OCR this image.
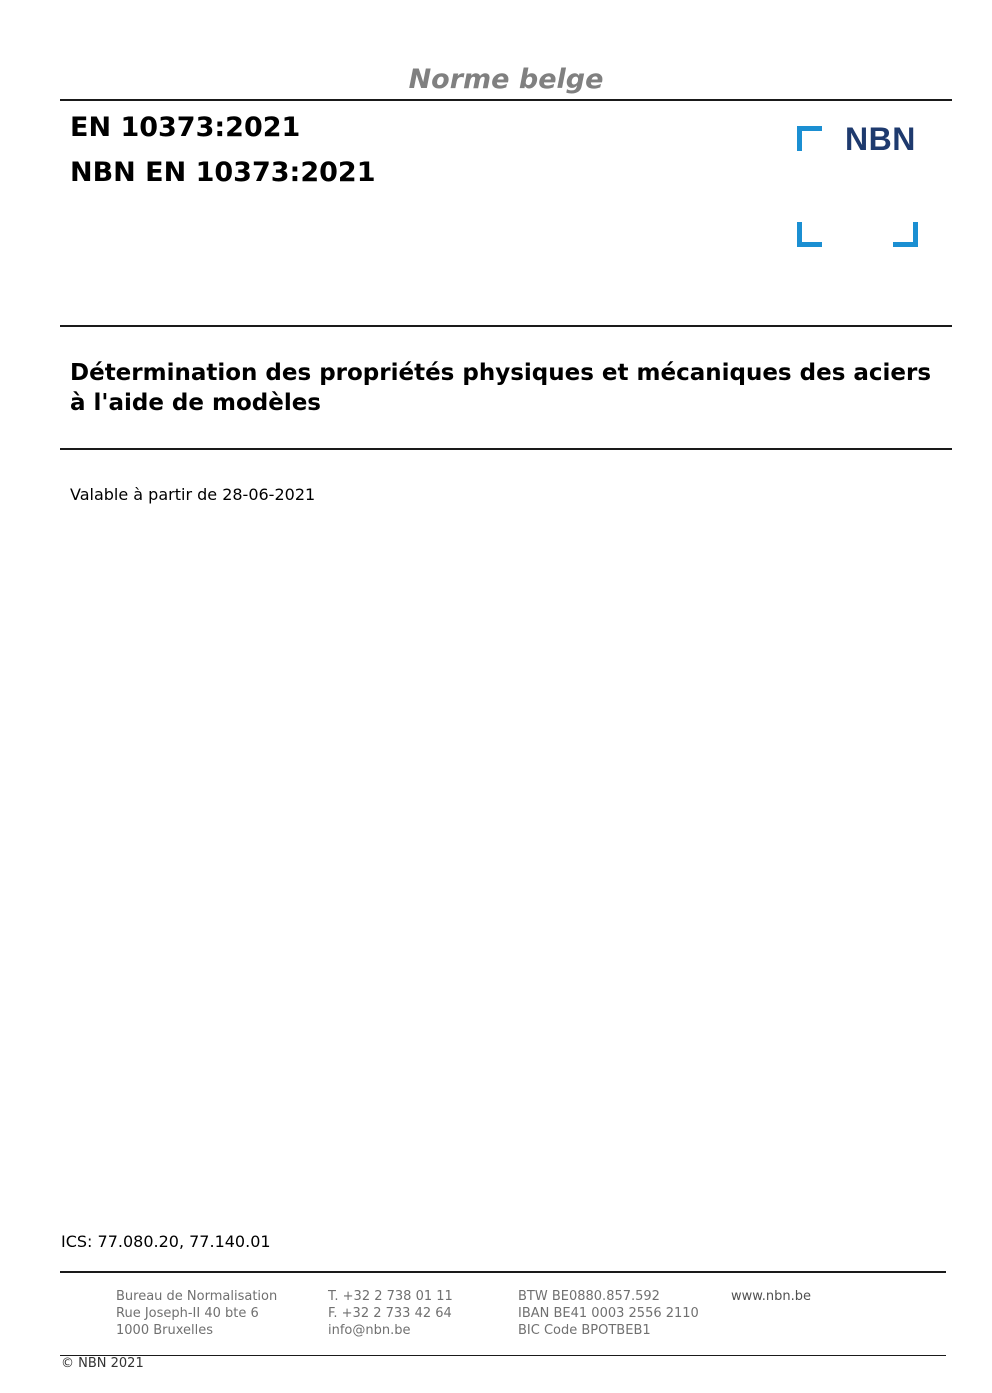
Norme belge
EN 10373:2021
NBN EN 10373:2021
NBN
Détermination des propriétés physiques et mécaniques des aciers à l'aide de modèles
Valable à partir de 28-06-2021
ICS: 77.080.20, 77.140.01
Bureau de Normalisation
Rue Joseph-II 40 bte 6
1000 Bruxelles
T. +32 2 738 01 11
F. +32 2 733 42 64
info@nbn.be
BTW BE0880.857.592
IBAN BE41 0003 2556 2110
BIC Code BPOTBEB1
www.nbn.be
© NBN 2021
